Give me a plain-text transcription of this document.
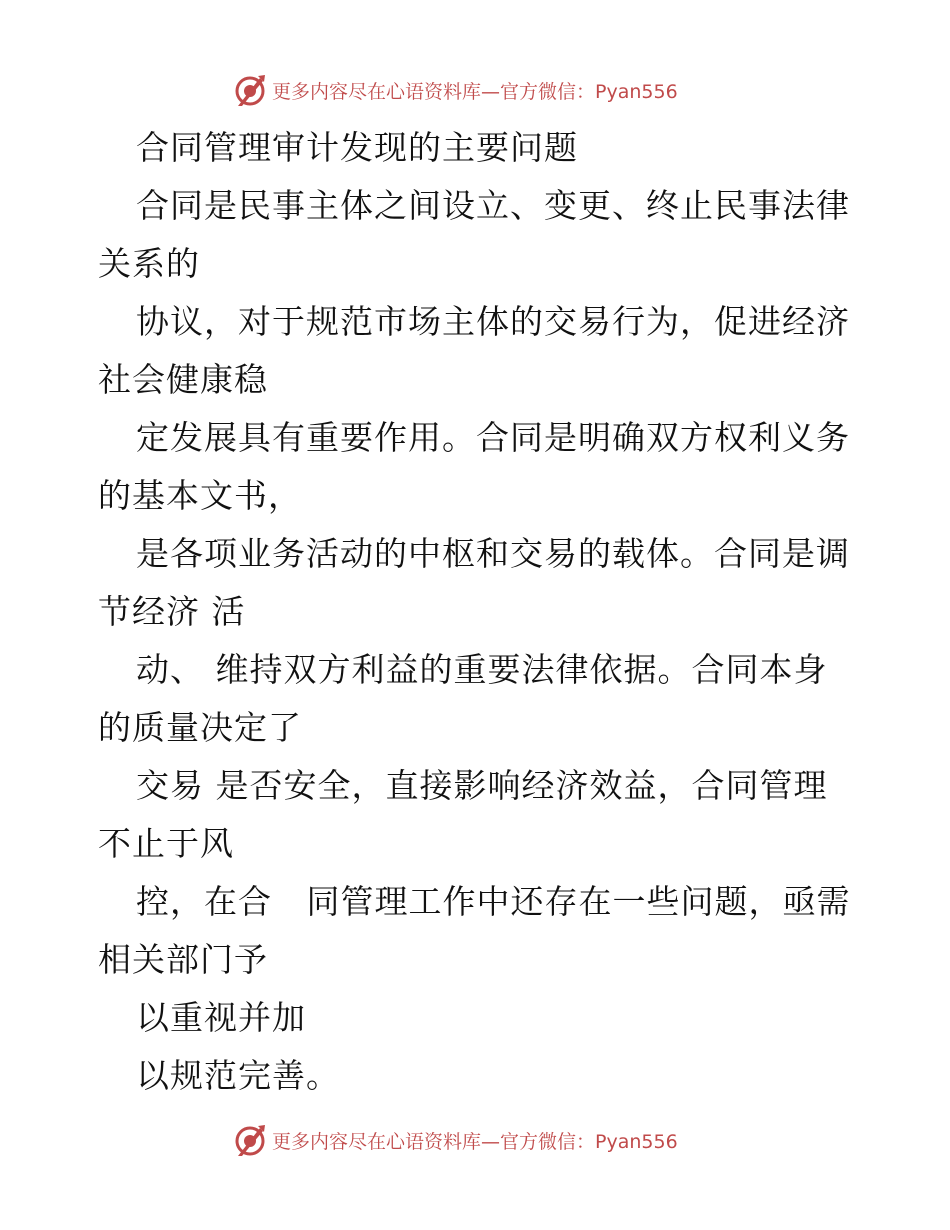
更多内容尽在心语资料库—官方微信：Pyan556
合同管理审计发现的主要问题
合同是民事主体之间设立、变更、终止民事法律
关系的
协议，对于规范市场主体的交易行为，促进经济
社会健康稳
定发展具有重要作用。合同是明确双方权利义务
的基本文书，
是各项业务活动的中枢和交易的载体。合同是调
节经济 活
动、 维持双方利益的重要法律依据。合同本身
的质量决定了
交易 是否安全，直接影响经济效益，合同管理
不止于风
控，在合   同管理工作中还存在一些问题，亟需
相关部门予
以重视并加
以规范完善。
更多内容尽在心语资料库—官方微信：Pyan556
